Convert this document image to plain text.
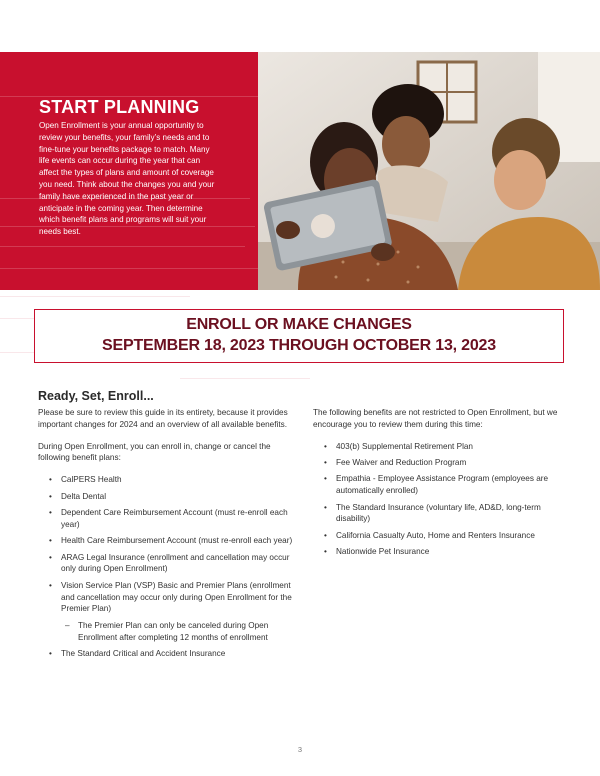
START PLANNING

Open Enrollment is your annual opportunity to review your benefits, your family’s needs and to fine-tune your benefits package to match. Many life events can occur during the year that can affect the types of plans and amount of coverage you need. Think about the changes you and your family have experienced in the past year or anticipate in the coming year. Then determine which benefit plans and programs will suit your needs best.

ENROLL OR MAKE CHANGES
SEPTEMBER 18, 2023 THROUGH OCTOBER 13, 2023
Ready, Set, Enroll...

Please be sure to review this guide in its entirety, because it provides important changes for 2024 and an overview of all available benefits.

During Open Enrollment, you can enroll in, change or cancel the following benefit plans:

• CalPERS Health
• Delta Dental
• Dependent Care Reimbursement Account (must re-enroll each year)
• Health Care Reimbursement Account (must re-enroll each year)
• ARAG Legal Insurance (enrollment and cancellation may occur only during Open Enrollment)
• Vision Service Plan (VSP) Basic and Premier Plans (enrollment and cancellation may occur only during Open Enrollment for the Premier Plan)
– The Premier Plan can only be canceled during Open Enrollment after completing 12 months of enrollment
• The Standard Critical and Accident Insurance

The following benefits are not restricted to Open Enrollment, but we encourage you to review them during this time:

• 403(b) Supplemental Retirement Plan
• Fee Waiver and Reduction Program
• Empathia - Employee Assistance Program (employees are automatically enrolled)
• The Standard Insurance (voluntary life, AD&D, long-term disability)
• California Casualty Auto, Home and Renters Insurance
• Nationwide Pet Insurance
3
